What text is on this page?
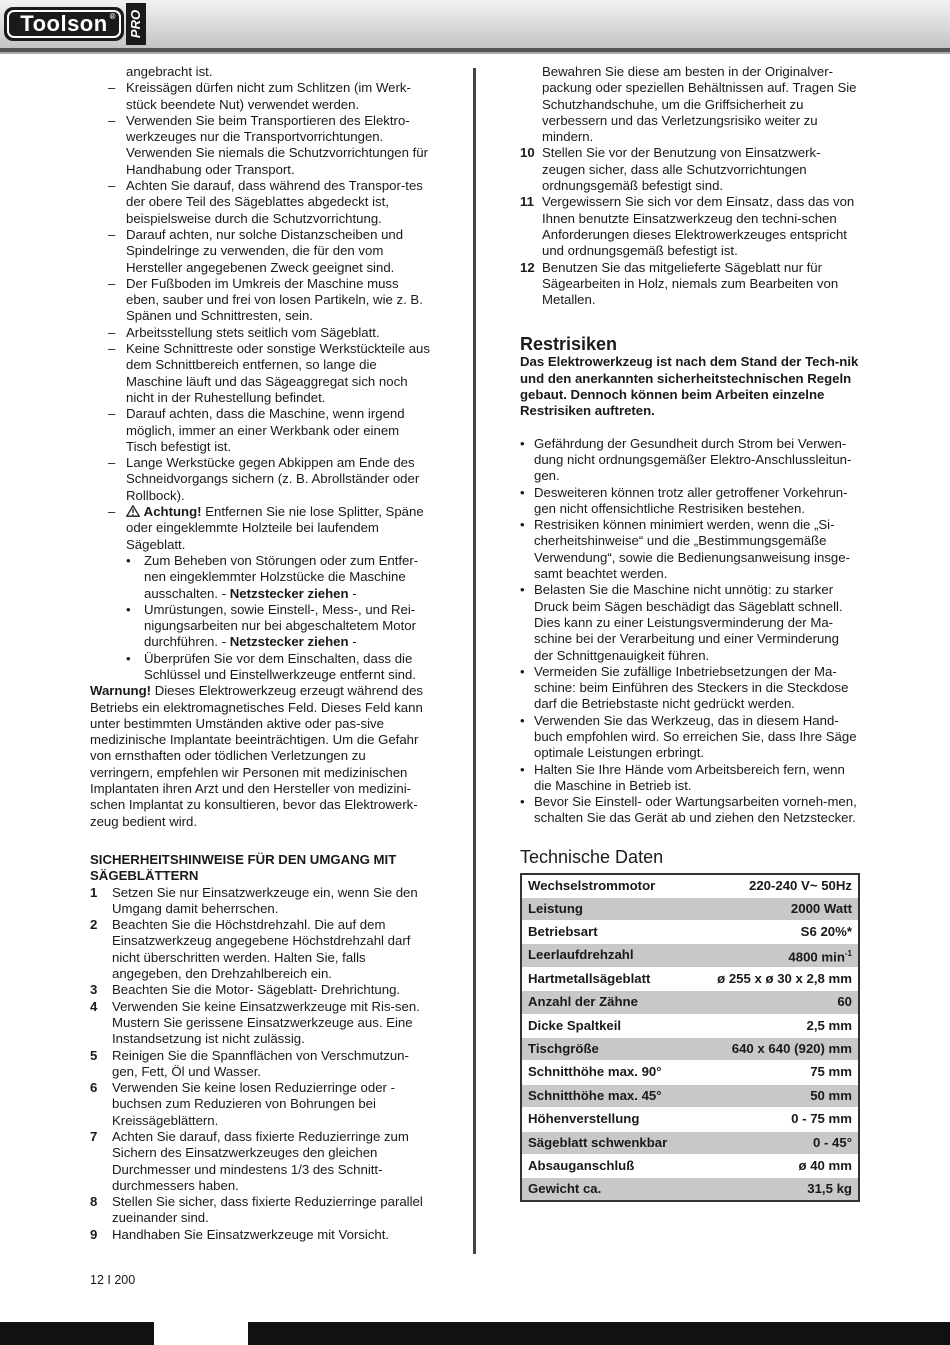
Toolson ® PRO
angebracht ist.
– Kreissägen dürfen nicht zum Schlitzen (im Werk-stück beendete Nut) verwendet werden.
– Verwenden Sie beim Transportieren des Elektro-werkzeuges nur die Transportvorrichtungen. Verwenden Sie niemals die Schutzvorrichtungen für Handhabung oder Transport.
– Achten Sie darauf, dass während des Transpor-tes der obere Teil des Sägeblattes abgedeckt ist, beispielsweise durch die Schutzvorrichtung.
– Darauf achten, nur solche Distanzscheiben und Spindelringe zu verwenden, die für den vom Hersteller angegebenen Zweck geeignet sind.
– Der Fußboden im Umkreis der Maschine muss eben, sauber und frei von losen Partikeln, wie z. B. Spänen und Schnittresten, sein.
– Arbeitsstellung stets seitlich vom Sägeblatt.
– Keine Schnittreste oder sonstige Werkstückteile aus dem Schnittbereich entfernen, so lange die Maschine läuft und das Sägeaggregat sich noch nicht in der Ruhestellung befindet.
– Darauf achten, dass die Maschine, wenn irgend möglich, immer an einer Werkbank oder einem Tisch befestigt ist.
– Lange Werkstücke gegen Abkippen am Ende des Schneidvorgangs sichern (z. B. Abrollständer oder Rollbock).
– Achtung! Entfernen Sie nie lose Splitter, Späne oder eingeklemmte Holzteile bei laufendem Sägeblatt.
• Zum Beheben von Störungen oder zum Entfer-nen eingeklemmter Holzstücke die Maschine ausschalten. - Netzstecker ziehen -
• Umrüstungen, sowie Einstell-, Mess-, und Rei-nigungsarbeiten nur bei abgeschaltetem Motor durchführen. - Netzstecker ziehen -
• Überprüfen Sie vor dem Einschalten, dass die Schlüssel und Einstellwerkzeuge entfernt sind.
Warnung! Dieses Elektrowerkzeug erzeugt während des Betriebs ein elektromagnetisches Feld. Dieses Feld kann unter bestimmten Umständen aktive oder pas-sive medizinische Implantate beeinträchtigen. Um die Gefahr von ernsthaften oder tödlichen Verletzungen zu verringern, empfehlen wir Personen mit medizinischen Implantaten ihren Arzt und den Hersteller von medizini-schen Implantat zu konsultieren, bevor das Elektrowerk-zeug bedient wird.
SICHERHEITSHINWEISE FÜR DEN UMGANG MIT SÄGEBLÄTTERN
1 Setzen Sie nur Einsatzwerkzeuge ein, wenn Sie den Umgang damit beherrschen.
2 Beachten Sie die Höchstdrehzahl. Die auf dem Einsatzwerkzeug angegebene Höchstdrehzahl darf nicht überschritten werden. Halten Sie, falls angegeben, den Drehzahlbereich ein.
3 Beachten Sie die Motor- Sägeblatt- Drehrichtung.
4 Verwenden Sie keine Einsatzwerkzeuge mit Ris-sen. Mustern Sie gerissene Einsatzwerkzeuge aus. Eine Instandsetzung ist nicht zulässig.
5 Reinigen Sie die Spannflächen von Verschmutzun-gen, Fett, Öl und Wasser.
6 Verwenden Sie keine losen Reduzierringe oder -buchsen zum Reduzieren von Bohrungen bei Kreissägeblättern.
7 Achten Sie darauf, dass fixierte Reduzierringe zum Sichern des Einsatzwerkzeuges den gleichen Durchmesser und mindestens 1/3 des Schnitt-durchmessers haben.
8 Stellen Sie sicher, dass fixierte Reduzierringe parallel zueinander sind.
9 Handhaben Sie Einsatzwerkzeuge mit Vorsicht.
Bewahren Sie diese am besten in der Originalver-packung oder speziellen Behältnissen auf. Tragen Sie Schutzhandschuhe, um die Griffsicherheit zu verbessern und das Verletzungsrisiko weiter zu mindern.
10 Stellen Sie vor der Benutzung von Einsatzwerk-zeugen sicher, dass alle Schutzvorrichtungen ordnungsgemäß befestigt sind.
11 Vergewissern Sie sich vor dem Einsatz, dass das von Ihnen benutzte Einsatzwerkzeug den techni-schen Anforderungen dieses Elektrowerkzeuges entspricht und ordnungsgemäß befestigt ist.
12 Benutzen Sie das mitgelieferte Sägeblatt nur für Sägearbeiten in Holz, niemals zum Bearbeiten von Metallen.
Restrisiken
Das Elektrowerkzeug ist nach dem Stand der Tech-nik und den anerkannten sicherheitstechnischen Regeln gebaut. Dennoch können beim Arbeiten einzelne Restrisiken auftreten.
• Gefährdung der Gesundheit durch Strom bei Verwen-dung nicht ordnungsgemäßer Elektro-Anschlussleitun-gen.
• Desweiteren können trotz aller getroffener Vorkehrun-gen nicht offensichtliche Restrisiken bestehen.
• Restrisiken können minimiert werden, wenn die „Si-cherheitshinweise“ und die „Bestimmungsgemäße Verwendung“, sowie die Bedienungsanweisung insge-samt beachtet werden.
• Belasten Sie die Maschine nicht unnötig: zu starker Druck beim Sägen beschädigt das Sägeblatt schnell. Dies kann zu einer Leistungsverminderung der Ma-schine bei der Verarbeitung und einer Verminderung der Schnittgenauigkeit führen.
• Vermeiden Sie zufällige Inbetriebsetzungen der Ma-schine: beim Einführen des Steckers in die Steckdose darf die Betriebstaste nicht gedrückt werden.
• Verwenden Sie das Werkzeug, das in diesem Hand-buch empfohlen wird. So erreichen Sie, dass Ihre Säge optimale Leistungen erbringt.
• Halten Sie Ihre Hände vom Arbeitsbereich fern, wenn die Maschine in Betrieb ist.
• Bevor Sie Einstell- oder Wartungsarbeiten vorneh-men, schalten Sie das Gerät ab und ziehen den Netzstecker.
Technische Daten
Wechselstrommotor	220-240 V~ 50Hz
Leistung	2000 Watt
Betriebsart	S6 20%*
Leerlaufdrehzahl	4800 $\min^{-1}$
Hartmetallsägeblatt	ø 255 x ø 30 x 2,8 mm
Anzahl der Zähne	60
Dicke Spaltkeil	2,5 mm
Tischgröße	640 x 640 (920) mm
Schnitthöhe max. 90°	75 mm
Schnitthöhe max. 45°	50 mm
Höhenverstellung	0 - 75 mm
Sägeblatt schwenkbar	0 - 45°
Absauganschluß	ø 40 mm
Gewicht ca.	31,5 kg
12 I 200
